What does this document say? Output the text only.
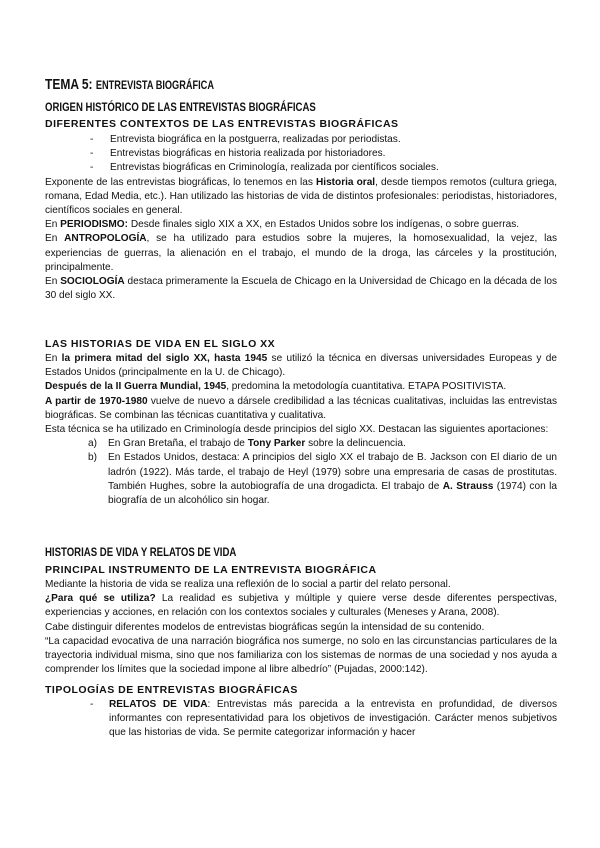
TEMA 5: ENTREVISTA BIOGRÁFICA
ORIGEN HISTÓRICO DE LAS ENTREVISTAS BIOGRÁFICAS

DIFERENTES CONTEXTOS DE LAS ENTREVISTAS BIOGRÁFICAS

- Entrevista biográfica en la postguerra, realizadas por periodistas.
- Entrevistas biográficas en historia realizada por historiadores.
- Entrevistas biográficas en Criminología, realizada por científicos sociales.

Exponente de las entrevistas biográficas, lo tenemos en las Historia oral, desde tiempos remotos (cultura griega, romana, Edad Media, etc.). Han utilizado las historias de vida de distintos profesionales: periodistas, historiadores, científicos sociales en general.

En PERIODISMO: Desde finales siglo XIX a XX, en Estados Unidos sobre los indígenas, o sobre guerras.

En ANTROPOLOGÍA, se ha utilizado para estudios sobre la mujeres, la homosexualidad, la vejez, las experiencias de guerras, la alienación en el trabajo, el mundo de la droga, las cárceles y la prostitución, principalmente.

En SOCIOLOGÍA destaca primeramente la Escuela de Chicago en la Universidad de Chicago en la década de los 30 del siglo XX.

LAS HISTORIAS DE VIDA EN EL SIGLO XX

En la primera mitad del siglo XX, hasta 1945 se utilizó la técnica en diversas universidades Europeas y de Estados Unidos (principalmente en la U. de Chicago).

Después de la II Guerra Mundial, 1945, predomina la metodología cuantitativa. ETAPA POSITIVISTA.

A partir de 1970-1980 vuelve de nuevo a dársele credibilidad a las técnicas cualitativas, incluidas las entrevistas biográficas. Se combinan las técnicas cuantitativa y cualitativa.

Esta técnica se ha utilizado en Criminología desde principios del siglo XX. Destacan las siguientes aportaciones:

a) En Gran Bretaña, el trabajo de Tony Parker sobre la delincuencia.
b) En Estados Unidos, destaca: A principios del siglo XX el trabajo de B. Jackson con El diario de un ladrón (1922). Más tarde, el trabajo de Heyl (1979) sobre una empresaria de casas de prostitutas. También Hughes, sobre la autobiografía de una drogadicta. El trabajo de A. Strauss (1974) con la biografía de un alcohólico sin hogar.
HISTORIAS DE VIDA Y RELATOS DE VIDA

PRINCIPAL INSTRUMENTO DE LA ENTREVISTA BIOGRÁFICA

Mediante la historia de vida se realiza una reflexión de lo social a partir del relato personal.

¿Para qué se utiliza? La realidad es subjetiva y múltiple y quiere verse desde diferentes perspectivas, experiencias y acciones, en relación con los contextos sociales y culturales (Meneses y Arana, 2008).

Cabe distinguir diferentes modelos de entrevistas biográficas según la intensidad de su contenido.

“La capacidad evocativa de una narración biográfica nos sumerge, no solo en las circunstancias particulares de la trayectoria individual misma, sino que nos familiariza con los sistemas de normas de una sociedad y nos ayuda a comprender los límites que la sociedad impone al libre albedrío” (Pujadas, 2000:142).

TIPOLOGÍAS DE ENTREVISTAS BIOGRÁFICAS

- RELATOS DE VIDA: Entrevistas más parecida a la entrevista en profundidad, de diversos informantes con representatividad para los objetivos de investigación. Carácter menos subjetivos que las historias de vida. Se permite categorizar información y hacer
